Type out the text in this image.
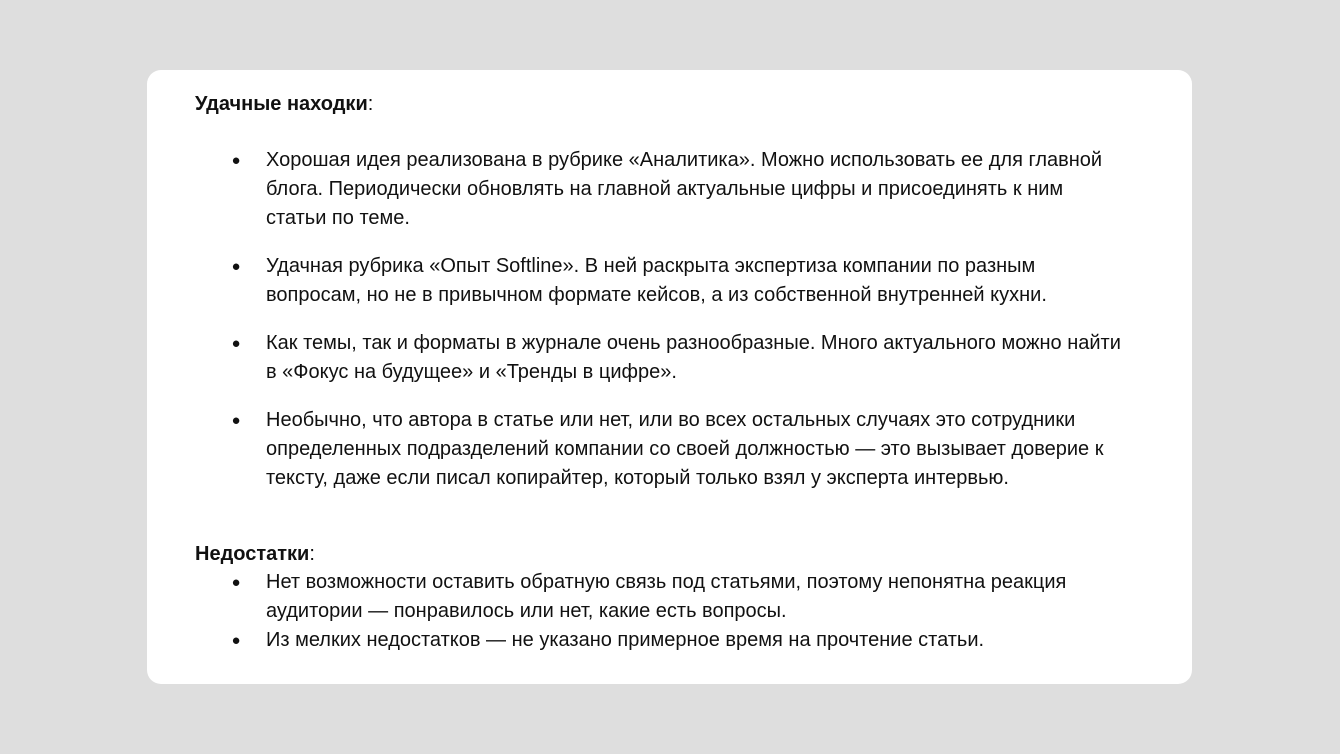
Удачные находки:
● Хорошая идея реализована в рубрике «Аналитика». Можно использовать ее для главной блога. Периодически обновлять на главной актуальные цифры и присоединять к ним статьи по теме.
● Удачная рубрика «Опыт Softline». В ней раскрыта экспертиза компании по разным вопросам, но не в привычном формате кейсов, а из собственной внутренней кухни.
● Как темы, так и форматы в журнале очень разнообразные. Много актуального можно найти в «Фокус на будущее» и «Тренды в цифре».
● Необычно, что автора в статье или нет, или во всех остальных случаях это сотрудники определенных подразделений компании со своей должностью — это вызывает доверие к тексту, даже если писал копирайтер, который только взял у эксперта интервью.
Недостатки:
● Нет возможности оставить обратную связь под статьями, поэтому непонятна реакция аудитории — понравилось или нет, какие есть вопросы.
● Из мелких недостатков — не указано примерное время на прочтение статьи.
